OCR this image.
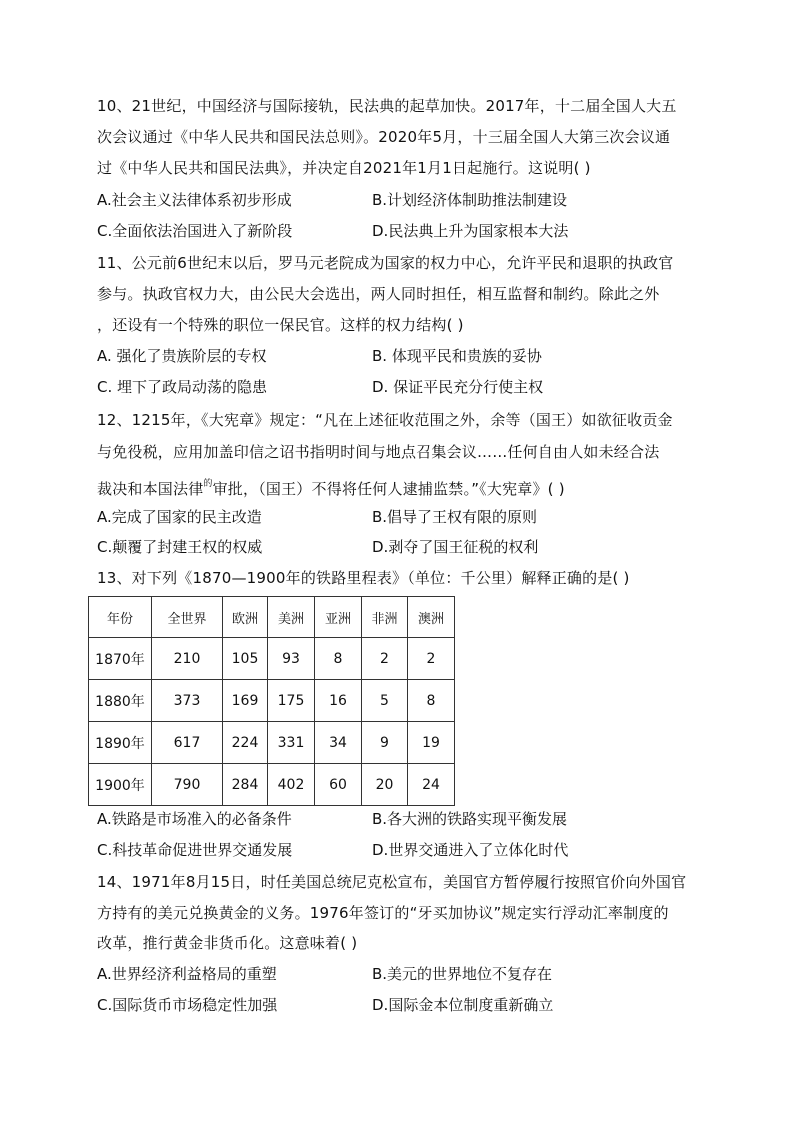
10、21世纪，中国经济与国际接轨，民法典的起草加快。2017年，十二届全国人大五
次会议通过《中华人民共和国民法总则》。2020年5月，十三届全国人大第三次会议通
过《中华人民共和国民法典》，并决定自2021年1月1日起施行。这说明( )
A.社会主义法律体系初步形成	B.计划经济体制助推法制建设
C.全面依法治国进入了新阶段	D.民法典上升为国家根本大法
11、公元前6世纪末以后，罗马元老院成为国家的权力中心，允许平民和退职的执政官
参与。执政官权力大，由公民大会选出，两人同时担任，相互监督和制约。除此之外
，还设有一个特殊的职位一保民官。这样的权力结构( )
A. 强化了贵族阶层的专权	B. 体现平民和贵族的妥协
C. 埋下了政局动荡的隐患	D. 保证平民充分行使主权
12、1215年，《大宪章》规定：“凡在上述征收范围之外，余等（国王）如欲征收贡金
与免役税，应用加盖印信之诏书指明时间与地点召集会议……任何自由人如未经合法
裁决和本国法律$^的$审批，（国王）不得将任何人逮捕监禁。”《大宪章》( )
A.完成了国家的民主改造	B.倡导了王权有限的原则
C.颠覆了封建王权的权威	D.剥夺了国王征税的权利
13、对下列《1870—1900年的铁路里程表》（单位：千公里）解释正确的是( )
年份	全世界	欧洲	美洲	亚洲	非洲	澳洲
1870年	210	105	93	8	2	2
1880年	373	169	175	16	5	8
1890年	617	224	331	34	9	19
1900年	790	284	402	60	20	24
A.铁路是市场准入的必备条件	B.各大洲的铁路实现平衡发展
C.科技革命促进世界交通发展	D.世界交通进入了立体化时代
14、1971年8月15日，时任美国总统尼克松宣布，美国官方暂停履行按照官价向外国官
方持有的美元兑换黄金的义务。1976年签订的“牙买加协议”规定实行浮动汇率制度的
改革，推行黄金非货币化。这意味着( )
A.世界经济利益格局的重塑	B.美元的世界地位不复存在
C.国际货币市场稳定性加强	D.国际金本位制度重新确立
